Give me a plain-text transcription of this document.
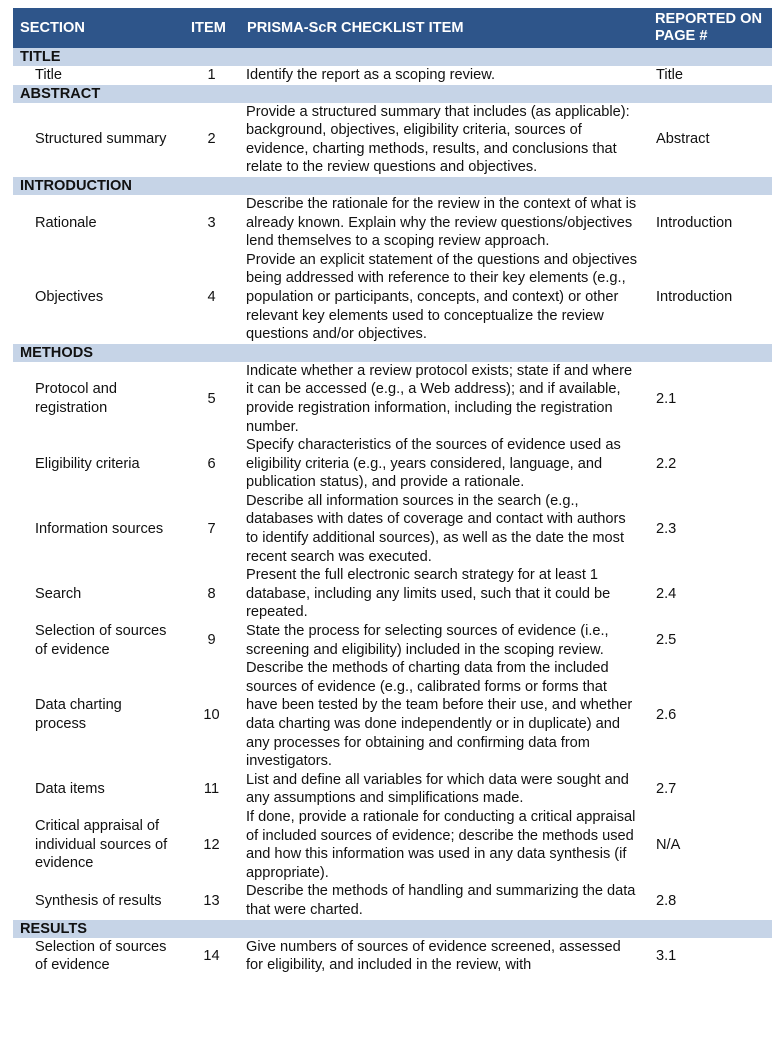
SECTION	ITEM	PRISMA-ScR CHECKLIST ITEM	REPORTED ON PAGE #
TITLE			
Title	1	Identify the report as a scoping review.	Title
ABSTRACT			
Structured summary	2	Provide a structured summary that includes (as applicable): background, objectives, eligibility criteria, sources of evidence, charting methods, results, and conclusions that relate to the review questions and objectives.	Abstract
INTRODUCTION			
Rationale	3	Describe the rationale for the review in the context of what is already known. Explain why the review questions/objectives lend themselves to a scoping review approach.	Introduction
Objectives	4	Provide an explicit statement of the questions and objectives being addressed with reference to their key elements (e.g., population or participants, concepts, and context) or other relevant key elements used to conceptualize the review questions and/or objectives.	Introduction
METHODS			
Protocol and registration	5	Indicate whether a review protocol exists; state if and where it can be accessed (e.g., a Web address); and if available, provide registration information, including the registration number.	2.1
Eligibility criteria	6	Specify characteristics of the sources of evidence used as eligibility criteria (e.g., years considered, language, and publication status), and provide a rationale.	2.2
Information sources	7	Describe all information sources in the search (e.g., databases with dates of coverage and contact with authors to identify additional sources), as well as the date the most recent search was executed.	2.3
Search	8	Present the full electronic search strategy for at least 1 database, including any limits used, such that it could be repeated.	2.4
Selection of sources of evidence	9	State the process for selecting sources of evidence (i.e., screening and eligibility) included in the scoping review.	2.5
Data charting process	10	Describe the methods of charting data from the included sources of evidence (e.g., calibrated forms or forms that have been tested by the team before their use, and whether data charting was done independently or in duplicate) and any processes for obtaining and confirming data from investigators.	2.6
Data items	11	List and define all variables for which data were sought and any assumptions and simplifications made.	2.7
Critical appraisal of individual sources of evidence	12	If done, provide a rationale for conducting a critical appraisal of included sources of evidence; describe the methods used and how this information was used in any data synthesis (if appropriate).	N/A
Synthesis of results	13	Describe the methods of handling and summarizing the data that were charted.	2.8
RESULTS			
Selection of sources of evidence	14	Give numbers of sources of evidence screened, assessed for eligibility, and included in the review, with	3.1
